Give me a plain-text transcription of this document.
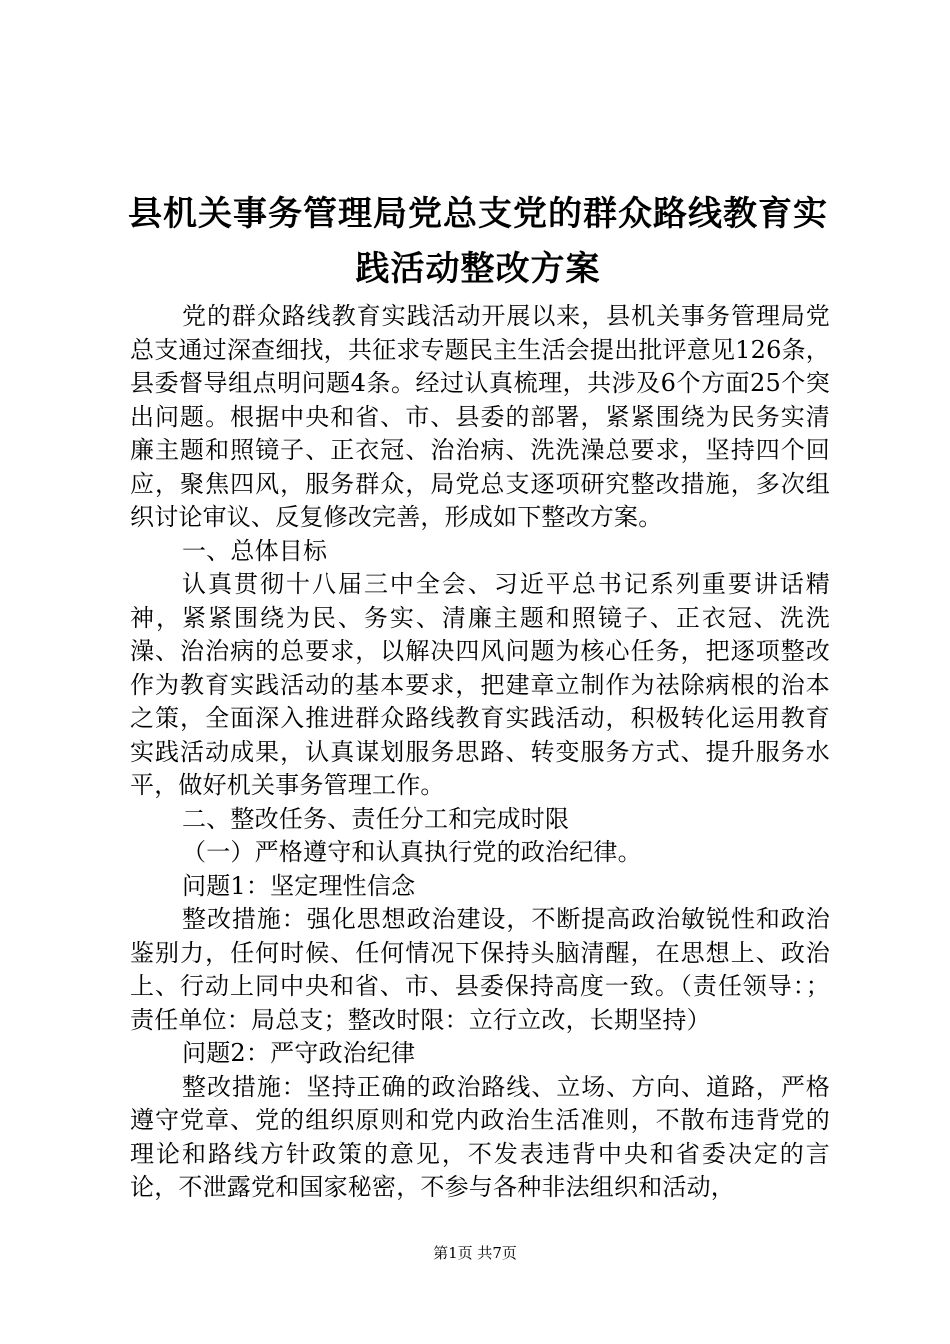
县机关事务管理局党总支党的群众路线教育实
践活动整改方案

党的群众路线教育实践活动开展以来，县机关事务管理局党总支通过深查细找，共征求专题民主生活会提出批评意见126条，县委督导组点明问题4条。经过认真梳理，共涉及6个方面25个突出问题。根据中央和省、市、县委的部署，紧紧围绕为民务实清廉主题和照镜子、正衣冠、治治病、洗洗澡总要求，坚持四个回应，聚焦四风，服务群众，局党总支逐项研究整改措施，多次组织讨论审议、反复修改完善，形成如下整改方案。

一、总体目标

认真贯彻十八届三中全会、习近平总书记系列重要讲话精神，紧紧围绕为民、务实、清廉主题和照镜子、正衣冠、洗洗澡、治治病的总要求，以解决四风问题为核心任务，把逐项整改作为教育实践活动的基本要求，把建章立制作为祛除病根的治本之策，全面深入推进群众路线教育实践活动，积极转化运用教育实践活动成果，认真谋划服务思路、转变服务方式、提升服务水平，做好机关事务管理工作。

二、整改任务、责任分工和完成时限

（一）严格遵守和认真执行党的政治纪律。

问题1：坚定理性信念

整改措施：强化思想政治建设，不断提高政治敏锐性和政治鉴别力，任何时候、任何情况下保持头脑清醒，在思想上、政治上、行动上同中央和省、市、县委保持高度一致。（责任领导：；责任单位：局总支；整改时限：立行立改，长期坚持）

问题2：严守政治纪律

整改措施：坚持正确的政治路线、立场、方向、道路，严格遵守党章、党的组织原则和党内政治生活准则，不散布违背党的理论和路线方针政策的意见，不发表违背中央和省委决定的言论，不泄露党和国家秘密，不参与各种非法组织和活动，

第1页 共7页
